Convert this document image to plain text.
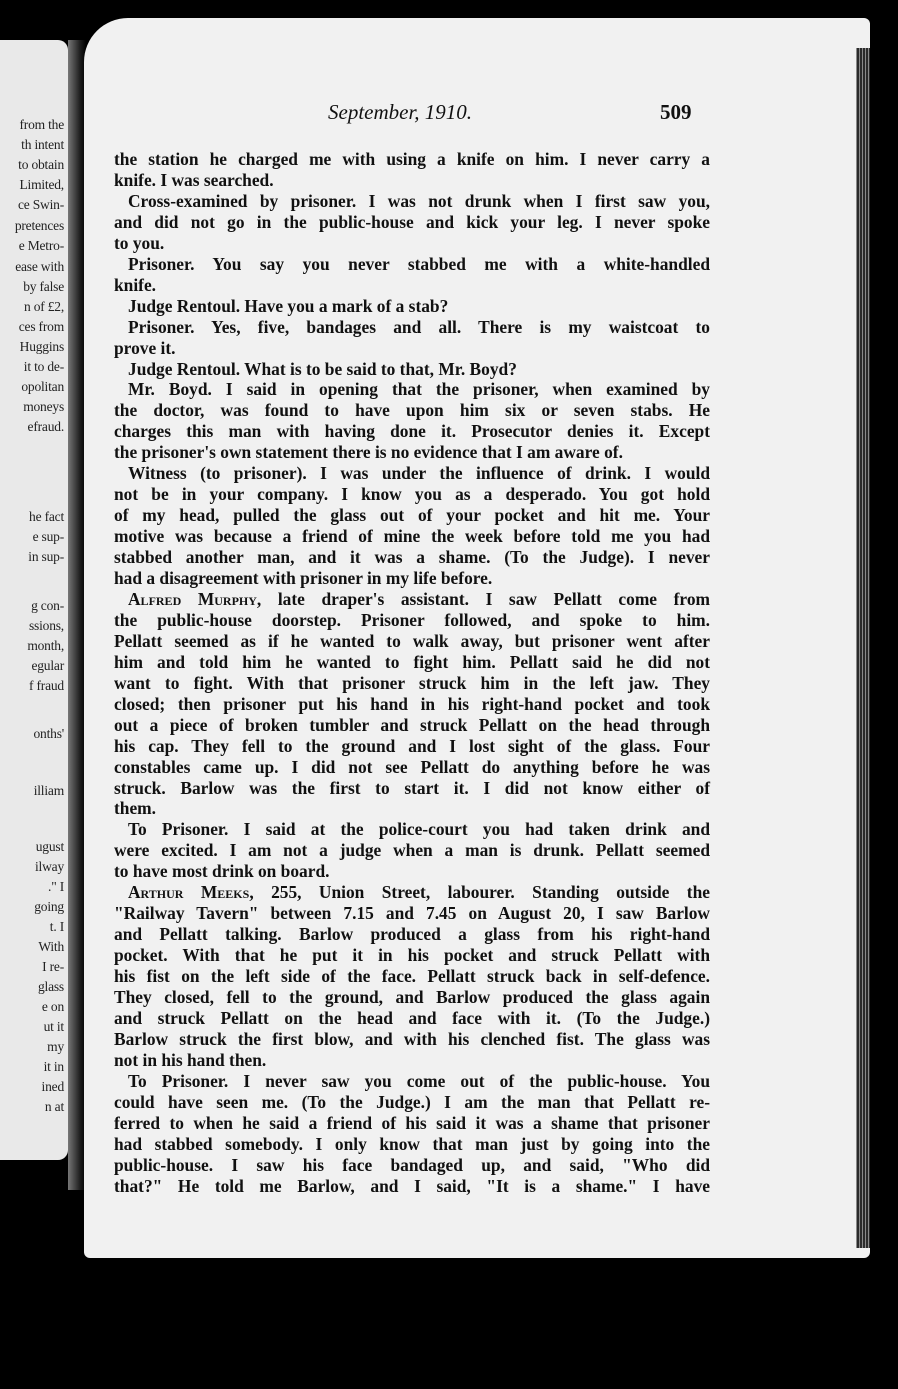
from the
th intent
to obtain
Limited,
ce Swin-
pretences
e Metro-
ease with
by false
n of £2,
ces from
Huggins
it to de-
opolitan
moneys
efraud.
he fact
e sup-
in sup-
g con-
ssions,
month,
egular
f fraud
onths'
illiam
ugust
ilway
." I
going
t. I
With
I re-
glass
e on
ut it
my
it in
ined
n at
September, 1910.	509
the station he charged me with using a knife on him. I never carry a
knife. I was searched.
Cross-examined by prisoner. I was not drunk when I first saw you,
and did not go in the public-house and kick your leg. I never spoke
to you.
Prisoner. You say you never stabbed me with a white-handled
knife.
Judge Rentoul. Have you a mark of a stab?
Prisoner. Yes, five, bandages and all. There is my waistcoat to
prove it.
Judge Rentoul. What is to be said to that, Mr. Boyd?
Mr. Boyd. I said in opening that the prisoner, when examined by
the doctor, was found to have upon him six or seven stabs. He
charges this man with having done it. Prosecutor denies it. Except
the prisoner's own statement there is no evidence that I am aware of.
Witness (to prisoner). I was under the influence of drink. I would
not be in your company. I know you as a desperado. You got hold
of my head, pulled the glass out of your pocket and hit me. Your
motive was because a friend of mine the week before told me you had
stabbed another man, and it was a shame. (To the Judge). I never
had a disagreement with prisoner in my life before.
Alfred Murphy, late draper's assistant. I saw Pellatt come from
the public-house doorstep. Prisoner followed, and spoke to him.
Pellatt seemed as if he wanted to walk away, but prisoner went after
him and told him he wanted to fight him. Pellatt said he did not
want to fight. With that prisoner struck him in the left jaw. They
closed; then prisoner put his hand in his right-hand pocket and took
out a piece of broken tumbler and struck Pellatt on the head through
his cap. They fell to the ground and I lost sight of the glass. Four
constables came up. I did not see Pellatt do anything before he was
struck. Barlow was the first to start it. I did not know either of
them.
To Prisoner. I said at the police-court you had taken drink and
were excited. I am not a judge when a man is drunk. Pellatt seemed
to have most drink on board.
Arthur Meeks, 255, Union Street, labourer. Standing outside the
"Railway Tavern" between 7.15 and 7.45 on August 20, I saw Barlow
and Pellatt talking. Barlow produced a glass from his right-hand
pocket. With that he put it in his pocket and struck Pellatt with
his fist on the left side of the face. Pellatt struck back in self-defence.
They closed, fell to the ground, and Barlow produced the glass again
and struck Pellatt on the head and face with it. (To the Judge.)
Barlow struck the first blow, and with his clenched fist. The glass was
not in his hand then.
To Prisoner. I never saw you come out of the public-house. You
could have seen me. (To the Judge.) I am the man that Pellatt re-
ferred to when he said a friend of his said it was a shame that prisoner
had stabbed somebody. I only know that man just by going into the
public-house. I saw his face bandaged up, and said, "Who did
that?" He told me Barlow, and I said, "It is a shame." I have
